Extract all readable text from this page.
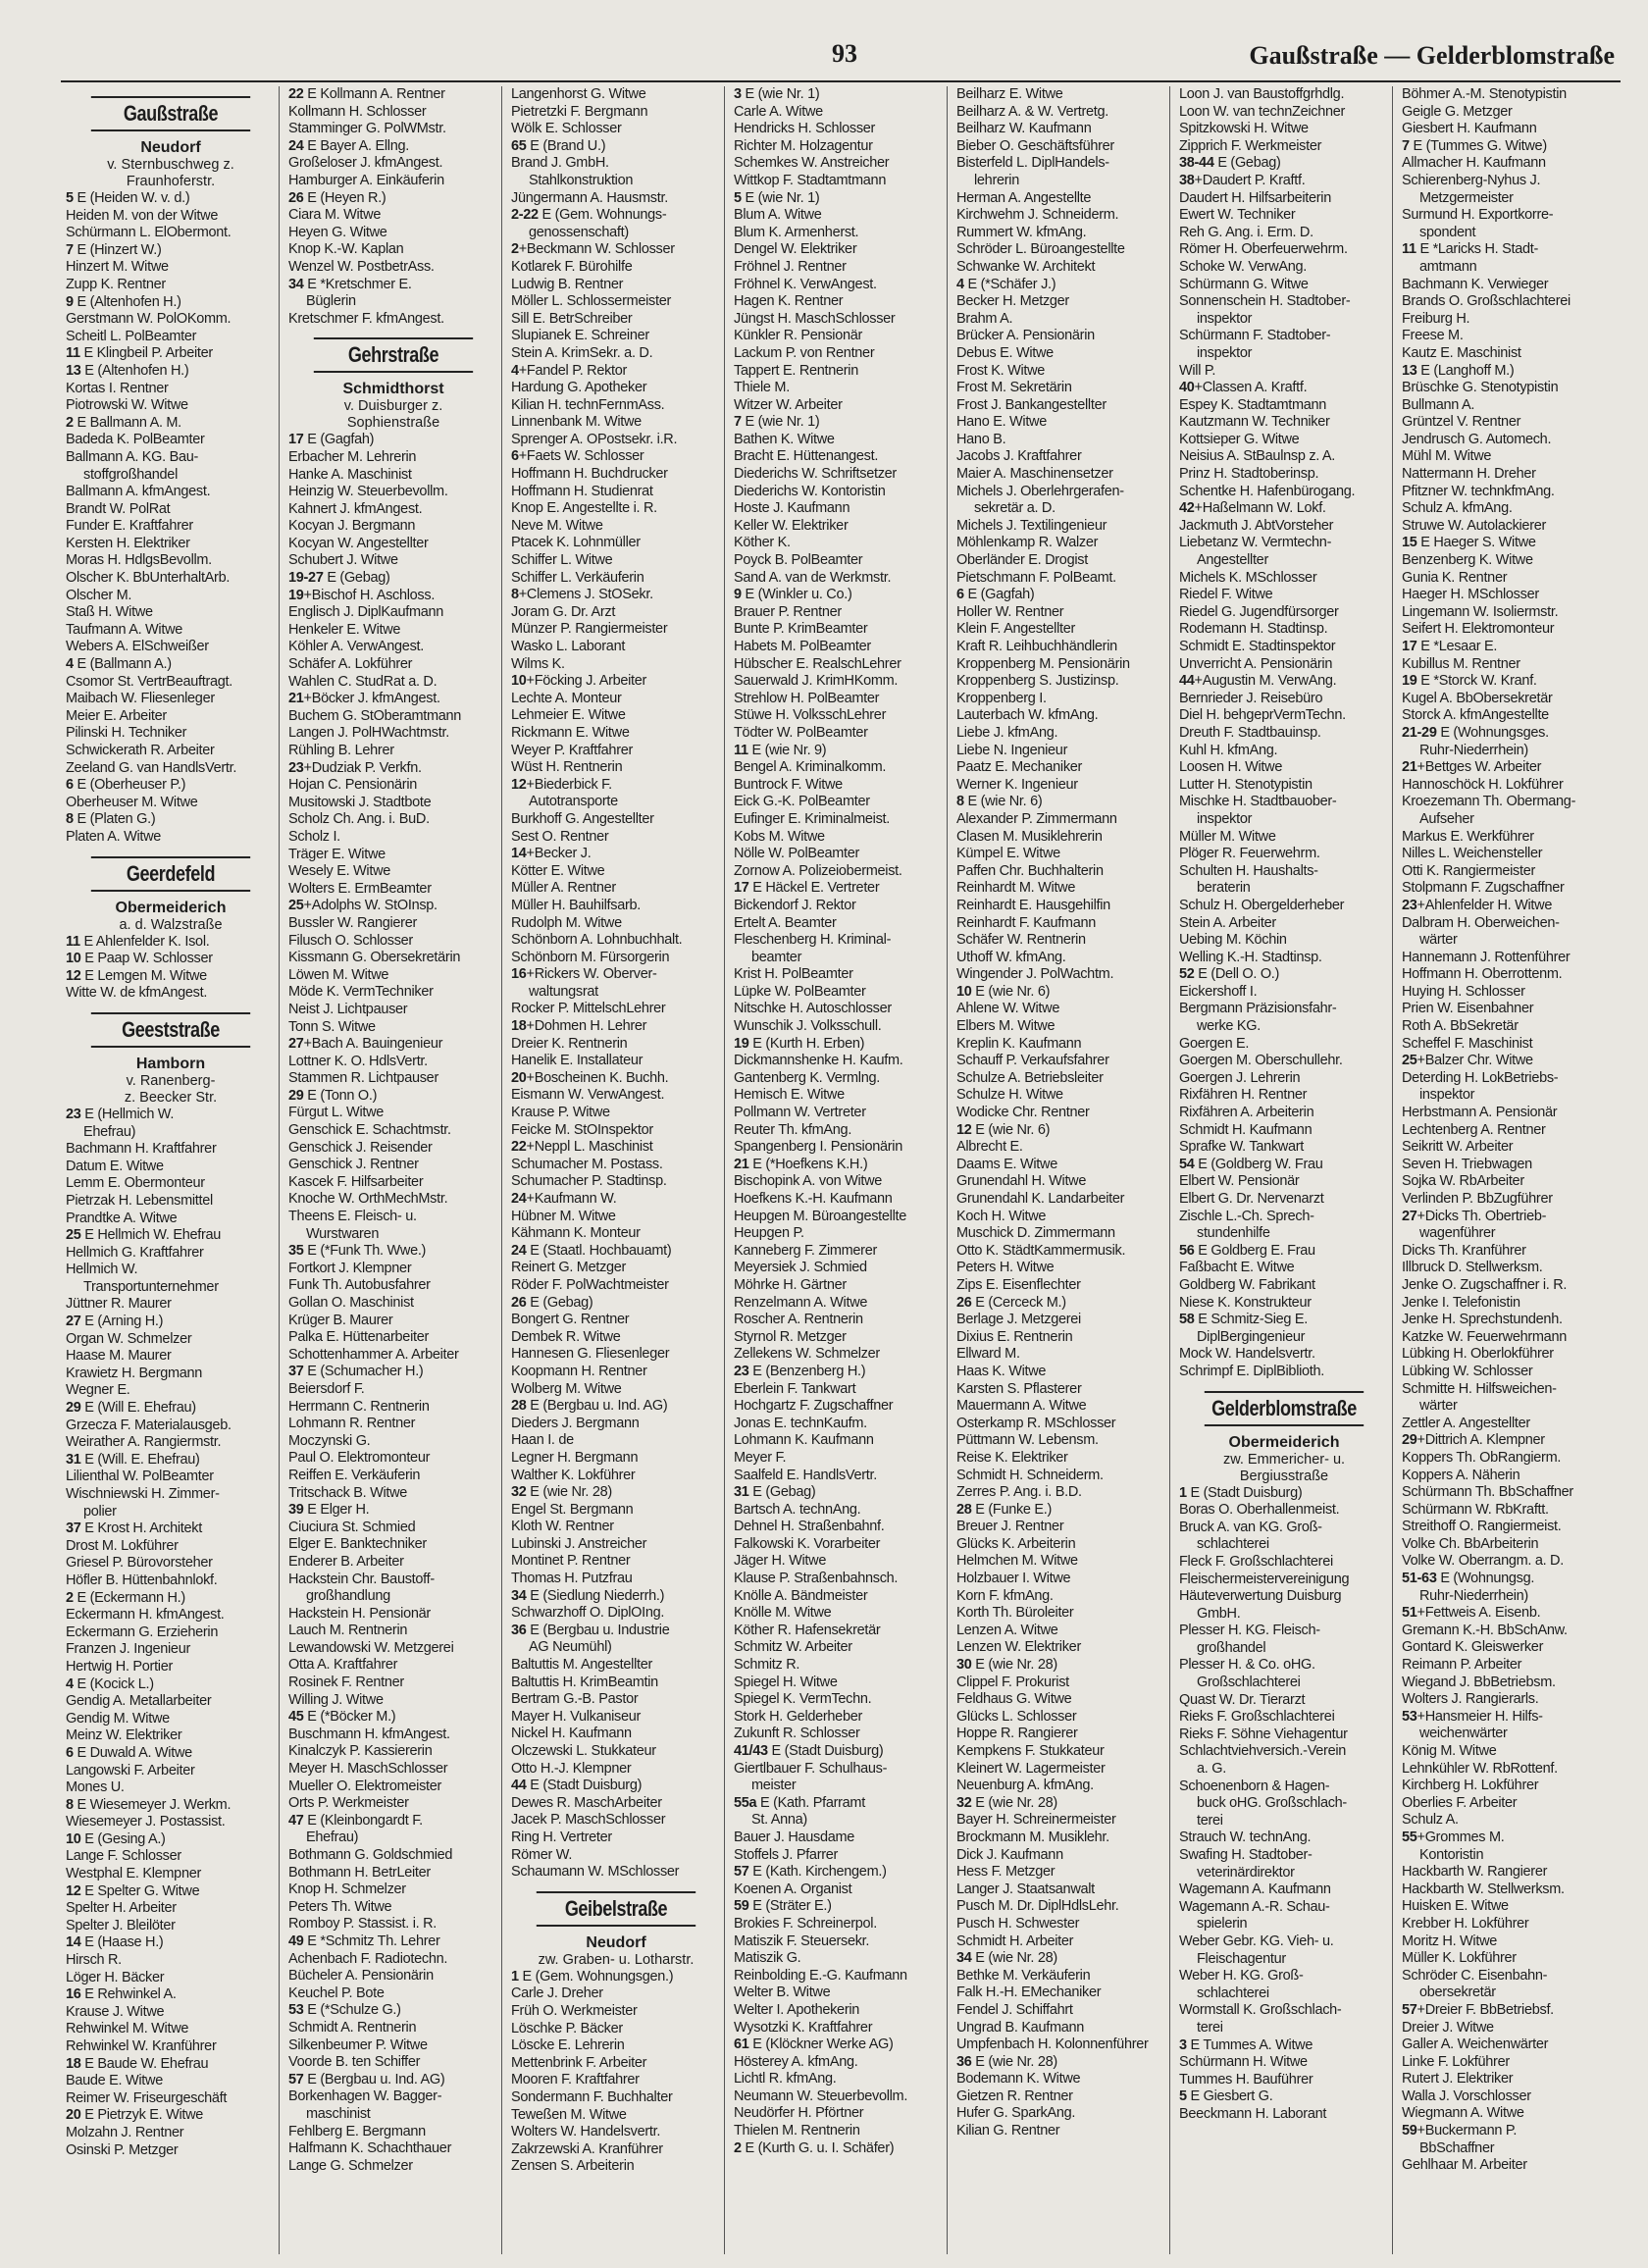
93	Gaußstraße — Gelderblomstraße
Gaußstraße
Neudorf
v. Sternbuschweg z.
Fraunhoferstr.
5 E (Heiden W. v. d.)
Heiden M. von der Witwe
Schürmann L. ElObermont.
7 E (Hinzert W.)
Hinzert M. Witwe
Zupp K. Rentner
9 E (Altenhofen H.)
Gerstmann W. PolOKomm.
Scheitl L. PolBeamter
11 E Klingbeil P. Arbeiter
13 E (Altenhofen H.)
Kortas I. Rentner
Piotrowski W. Witwe
2 E Ballmann A. M.
Badeda K. PolBeamter
Ballmann A. KG. Bau-
stoffgroßhandel
Ballmann A. kfmAngest.
Brandt W. PolRat
Funder E. Kraftfahrer
Kersten H. Elektriker
Moras H. HdlgsBevollm.
Olscher K. BbUnterhaltArb.
Olscher M.
Staß H. Witwe
Taufmann A. Witwe
Webers A. ElSchweißer
4 E (Ballmann A.)
Csomor St. VertrBeauftragt.
Maibach W. Fliesenleger
Meier E. Arbeiter
Pilinski H. Techniker
Schwickerath R. Arbeiter
Zeeland G. van HandlsVertr.
6 E (Oberheuser P.)
Oberheuser M. Witwe
8 E (Platen G.)
Platen A. Witwe
Geerdefeld
Obermeiderich
a. d. Walzstraße
11 E Ahlenfelder K. Isol.
10 E Paap W. Schlosser
12 E Lemgen M. Witwe
Witte W. de kfmAngest.
Geeststraße
Hamborn
v. Ranenberg-
z. Beecker Str.
23 E (Hellmich W.
Ehefrau)
Bachmann H. Kraftfahrer
Datum E. Witwe
Lemm E. Obermonteur
Pietrzak H. Lebensmittel
Prandtke A. Witwe
25 E Hellmich W. Ehefrau
Hellmich G. Kraftfahrer
Hellmich W.
Transportunternehmer
Jüttner R. Maurer
27 E (Arning H.)
Organ W. Schmelzer
Haase M. Maurer
Krawietz H. Bergmann
Wegner E.
29 E (Will E. Ehefrau)
Grzecza F. Materialausgeb.
Weirather A. Rangiermstr.
31 E (Will. E. Ehefrau)
Lilienthal W. PolBeamter
Wischniewski H. Zimmer-
polier
37 E Krost H. Architekt
Drost M. Lokführer
Griesel P. Bürovorsteher
Höfler B. Hüttenbahnlokf.
2 E (Eckermann H.)
Eckermann H. kfmAngest.
Eckermann G. Erzieherin
Franzen J. Ingenieur
Hertwig H. Portier
4 E (Kocick L.)
Gendig A. Metallarbeiter
Gendig M. Witwe
Meinz W. Elektriker
6 E Duwald A. Witwe
Langowski F. Arbeiter
Mones U.
8 E Wiesemeyer J. Werkm.
Wiesemeyer J. Postassist.
10 E (Gesing A.)
Lange F. Schlosser
Westphal E. Klempner
12 E Spelter G. Witwe
Spelter H. Arbeiter
Spelter J. Bleilöter
14 E (Haase H.)
Hirsch R.
Löger H. Bäcker
16 E Rehwinkel A.
Krause J. Witwe
Rehwinkel M. Witwe
Rehwinkel W. Kranführer
18 E Baude W. Ehefrau
Baude E. Witwe
Reimer W. Friseurgeschäft
20 E Pietrzyk E. Witwe
Molzahn J. Rentner
Osinski P. Metzger
22 E Kollmann A. Rentner
Kollmann H. Schlosser
Stamminger G. PolWMstr.
24 E Bayer A. Ellng.
Großeloser J. kfmAngest.
Hamburger A. Einkäuferin
26 E (Heyen R.)
Ciara M. Witwe
Heyen G. Witwe
Knop K.-W. Kaplan
Wenzel W. PostbetrAss.
34 E *Kretschmer E.
Büglerin
Kretschmer F. kfmAngest.
Gehrstraße
Schmidthorst
v. Duisburger z.
Sophienstraße
17 E (Gagfah)
Erbacher M. Lehrerin
Hanke A. Maschinist
Heinzig W. Steuerbevollm.
Kahnert J. kfmAngest.
Kocyan J. Bergmann
Kocyan W. Angestellter
Schubert J. Witwe
19-27 E (Gebag)
19+Bischof H. Aschloss.
Englisch J. DiplKaufmann
Henkeler E. Witwe
Köhler A. VerwAngest.
Schäfer A. Lokführer
Wahlen C. StudRat a. D.
21+Böcker J. kfmAngest.
Buchem G. StOberamtmann
Langen J. PolHWachtmstr.
Rühling B. Lehrer
23+Dudziak P. Verkfn.
Hojan C. Pensionärin
Musitowski J. Stadtbote
Scholz Ch. Ang. i. BuD.
Scholz I.
Träger E. Witwe
Wesely E. Witwe
Wolters E. ErmBeamter
25+Adolphs W. StOInsp.
Bussler W. Rangierer
Filusch O. Schlosser
Kissmann G. Obersekretärin
Löwen M. Witwe
Möde K. VermTechniker
Neist J. Lichtpauser
Tonn S. Witwe
27+Bach A. Bauingenieur
Lottner K. O. HdlsVertr.
Stammen R. Lichtpauser
29 E (Tonn O.)
Fürgut L. Witwe
Genschick E. Schachtmstr.
Genschick J. Reisender
Genschick J. Rentner
Kascek F. Hilfsarbeiter
Knoche W. OrthMechMstr.
Theens E. Fleisch- u.
Wurstwaren
35 E (*Funk Th. Wwe.)
Fortkort J. Klempner
Funk Th. Autobusfahrer
Gollan O. Maschinist
Krüger B. Maurer
Palka E. Hüttenarbeiter
Schottenhammer A. Arbeiter
37 E (Schumacher H.)
Beiersdorf F.
Herrmann C. Rentnerin
Lohmann R. Rentner
Moczynski G.
Paul O. Elektromonteur
Reiffen E. Verkäuferin
Tritschack B. Witwe
39 E Elger H.
Ciuciura St. Schmied
Elger E. Banktechniker
Enderer B. Arbeiter
Hackstein Chr. Baustoff-
großhandlung
Hackstein H. Pensionär
Lauch M. Rentnerin
Lewandowski W. Metzgerei
Otta A. Kraftfahrer
Rosinek F. Rentner
Willing J. Witwe
45 E (*Böcker M.)
Buschmann H. kfmAngest.
Kinalczyk P. Kassiererin
Meyer H. MaschSchlosser
Mueller O. Elektromeister
Orts P. Werkmeister
47 E (Kleinbongardt F.
Ehefrau)
Bothmann G. Goldschmied
Bothmann H. BetrLeiter
Knop H. Schmelzer
Peters Th. Witwe
Romboy P. Stassist. i. R.
49 E *Schmitz Th. Lehrer
Achenbach F. Radiotechn.
Bücheler A. Pensionärin
Keuchel P. Bote
53 E (*Schulze G.)
Schmidt A. Rentnerin
Silkenbeumer P. Witwe
Voorde B. ten Schiffer
57 E (Bergbau u. Ind. AG)
Borkenhagen W. Bagger-
maschinist
Fehlberg E. Bergmann
Halfmann K. Schachthauer
Lange G. Schmelzer
Langenhorst G. Witwe
Pietretzki F. Bergmann
Wölk E. Schlosser
65 E (Brand U.)
Brand J. GmbH.
Stahlkonstruktion
Jüngermann A. Hausmstr.
2-22 E (Gem. Wohnungs-
genossenschaft)
2+Beckmann W. Schlosser
Kotlarek F. Bürohilfe
Ludwig B. Rentner
Möller L. Schlossermeister
Sill E. BetrSchreiber
Slupianek E. Schreiner
Stein A. KrimSekr. a. D.
4+Fandel P. Rektor
Hardung G. Apotheker
Kilian H. technFernmAss.
Linnenbank M. Witwe
Sprenger A. OPostsekr. i.R.
6+Faets W. Schlosser
Hoffmann H. Buchdrucker
Hoffmann H. Studienrat
Knop E. Angestellte i. R.
Neve M. Witwe
Ptacek K. Lohnmüller
Schiffer L. Witwe
Schiffer L. Verkäuferin
8+Clemens J. StOSekr.
Joram G. Dr. Arzt
Münzer P. Rangiermeister
Wasko L. Laborant
Wilms K.
10+Föcking J. Arbeiter
Lechte A. Monteur
Lehmeier E. Witwe
Rickmann E. Witwe
Weyer P. Kraftfahrer
Wüst H. Rentnerin
12+Biederbick F.
Autotransporte
Burkhoff G. Angestellter
Sest O. Rentner
14+Becker J.
Kötter E. Witwe
Müller A. Rentner
Müller H. Bauhilfsarb.
Rudolph M. Witwe
Schönborn A. Lohnbuchhalt.
Schönborn M. Fürsorgerin
16+Rickers W. Oberver-
waltungsrat
Rocker P. MittelschLehrer
18+Dohmen H. Lehrer
Dreier K. Rentnerin
Hanelik E. Installateur
20+Boscheinen K. Buchh.
Eismann W. VerwAngest.
Krause P. Witwe
Feicke M. StOInspektor
22+Neppl L. Maschinist
Schumacher M. Postass.
Schumacher P. Stadtinsp.
24+Kaufmann W.
Hübner M. Witwe
Kähmann K. Monteur
24 E (Staatl. Hochbauamt)
Reinert G. Metzger
Röder F. PolWachtmeister
26 E (Gebag)
Bongert G. Rentner
Dembek R. Witwe
Hannesen G. Fliesenleger
Koopmann H. Rentner
Wolberg M. Witwe
28 E (Bergbau u. Ind. AG)
Dieders J. Bergmann
Haan I. de
Legner H. Bergmann
Walther K. Lokführer
32 E (wie Nr. 28)
Engel St. Bergmann
Kloth W. Rentner
Lubinski J. Anstreicher
Montinet P. Rentner
Thomas H. Putzfrau
34 E (Siedlung Niederrh.)
Schwarzhoff O. DiplOIng.
36 E (Bergbau u. Industrie
AG Neumühl)
Baltuttis M. Angestellter
Baltuttis H. KrimBeamtin
Bertram G.-B. Pastor
Mayer H. Vulkaniseur
Nickel H. Kaufmann
Olczewski L. Stukkateur
Otto H.-J. Klempner
44 E (Stadt Duisburg)
Dewes R. MaschArbeiter
Jacek P. MaschSchlosser
Ring H. Vertreter
Römer W.
Schaumann W. MSchlosser
Geibelstraße
Neudorf
zw. Graben- u. Lotharstr.
1 E (Gem. Wohnungsgen.)
Carle J. Dreher
Früh O. Werkmeister
Löschke P. Bäcker
Löscke E. Lehrerin
Mettenbrink F. Arbeiter
Mooren F. Kraftfahrer
Sondermann F. Buchhalter
Teweßen M. Witwe
Wolters W. Handelsvertr.
Zakrzewski A. Kranführer
Zensen S. Arbeiterin
3 E (wie Nr. 1)
Carle A. Witwe
Hendricks H. Schlosser
Richter M. Holzagentur
Schemkes W. Anstreicher
Wittkop F. Stadtamtmann
5 E (wie Nr. 1)
Blum A. Witwe
Blum K. Armenherst.
Dengel W. Elektriker
Fröhnel J. Rentner
Fröhnel K. VerwAngest.
Hagen K. Rentner
Jüngst H. MaschSchlosser
Künkler R. Pensionär
Lackum P. von Rentner
Tappert E. Rentnerin
Thiele M.
Witzer W. Arbeiter
7 E (wie Nr. 1)
Bathen K. Witwe
Bracht E. Hüttenangest.
Diederichs W. Schriftsetzer
Diederichs W. Kontoristin
Hoste J. Kaufmann
Keller W. Elektriker
Köther K.
Poyck B. PolBeamter
Sand A. van de Werkmstr.
9 E (Winkler u. Co.)
Brauer P. Rentner
Bunte P. KrimBeamter
Habets M. PolBeamter
Hübscher E. RealschLehrer
Sauerwald J. KrimHKomm.
Strehlow H. PolBeamter
Stüwe H. VolksschLehrer
Tödter W. PolBeamter
11 E (wie Nr. 9)
Bengel A. Kriminalkomm.
Buntrock F. Witwe
Eick G.-K. PolBeamter
Eufinger E. Kriminalmeist.
Kobs M. Witwe
Nölle W. PolBeamter
Zornow A. Polizeiobermeist.
17 E Häckel E. Vertreter
Bickendorf J. Rektor
Ertelt A. Beamter
Fleschenberg H. Kriminal-
beamter
Krist H. PolBeamter
Lüpke W. PolBeamter
Nitschke H. Autoschlosser
Wunschik J. Volksschull.
19 E (Kurth H. Erben)
Dickmannshenke H. Kaufm.
Gantenberg K. Vermlng.
Hemisch E. Witwe
Pollmann W. Vertreter
Reuter Th. kfmAng.
Spangenberg I. Pensionärin
21 E (*Hoefkens K.H.)
Bischopink A. von Witwe
Hoefkens K.-H. Kaufmann
Heupgen M. Büroangestellte
Heupgen P.
Kanneberg F. Zimmerer
Meyersiek J. Schmied
Möhrke H. Gärtner
Renzelmann A. Witwe
Roscher A. Rentnerin
Styrnol R. Metzger
Zellekens W. Schmelzer
23 E (Benzenberg H.)
Eberlein F. Tankwart
Hochgartz F. Zugschaffner
Jonas E. technKaufm.
Lohmann K. Kaufmann
Meyer F.
Saalfeld E. HandlsVertr.
31 E (Gebag)
Bartsch A. technAng.
Dehnel H. Straßenbahnf.
Falkowski K. Vorarbeiter
Jäger H. Witwe
Klause P. Straßenbahnsch.
Knölle A. Bändmeister
Knölle M. Witwe
Köther R. Hafensekretär
Schmitz W. Arbeiter
Schmitz R.
Spiegel H. Witwe
Spiegel K. VermTechn.
Stork H. Gelderheber
Zukunft R. Schlosser
41/43 E (Stadt Duisburg)
Giertlbauer F. Schulhaus-
meister
55a E (Kath. Pfarramt
St. Anna)
Bauer J. Hausdame
Stoffels J. Pfarrer
57 E (Kath. Kirchengem.)
Koenen A. Organist
59 E (Sträter E.)
Brokies F. Schreinerpol.
Matiszik F. Steuersekr.
Matiszik G.
Reinbolding E.-G. Kaufmann
Welter B. Witwe
Welter I. Apothekerin
Wysotzki K. Kraftfahrer
61 E (Klöckner Werke AG)
Hösterey A. kfmAng.
Lichtl R. kfmAng.
Neumann W. Steuerbevollm.
Neudörfer H. Pförtner
Thielen M. Rentnerin
2 E (Kurth G. u. I. Schäfer)
Beilharz E. Witwe
Beilharz A. & W. Vertretg.
Beilharz W. Kaufmann
Bieber O. Geschäftsführer
Bisterfeld L. DiplHandels-
lehrerin
Herman A. Angestellte
Kirchwehm J. Schneiderm.
Rummert W. kfmAng.
Schröder L. Büroangestellte
Schwanke W. Architekt
4 E (*Schäfer J.)
Becker H. Metzger
Brahm A.
Brücker A. Pensionärin
Debus E. Witwe
Frost K. Witwe
Frost M. Sekretärin
Frost J. Bankangestellter
Hano E. Witwe
Hano B.
Jacobs J. Kraftfahrer
Maier A. Maschinensetzer
Michels J. Oberlehrgerafen-
sekretär a. D.
Michels J. Textilingenieur
Möhlenkamp R. Walzer
Oberländer E. Drogist
Pietschmann F. PolBeamt.
6 E (Gagfah)
Holler W. Rentner
Klein F. Angestellter
Kraft R. Leihbuchhändlerin
Kroppenberg M. Pensionärin
Kroppenberg S. Justizinsp.
Kroppenberg I.
Lauterbach W. kfmAng.
Liebe J. kfmAng.
Liebe N. Ingenieur
Paatz E. Mechaniker
Werner K. Ingenieur
8 E (wie Nr. 6)
Alexander P. Zimmermann
Clasen M. Musiklehrerin
Kümpel E. Witwe
Paffen Chr. Buchhalterin
Reinhardt M. Witwe
Reinhardt E. Hausgehilfin
Reinhardt F. Kaufmann
Schäfer W. Rentnerin
Uthoff W. kfmAng.
Wingender J. PolWachtm.
10 E (wie Nr. 6)
Ahlene W. Witwe
Elbers M. Witwe
Kreplin K. Kaufmann
Schauff P. Verkaufsfahrer
Schulze A. Betriebsleiter
Schulze H. Witwe
Wodicke Chr. Rentner
12 E (wie Nr. 6)
Albrecht E.
Daams E. Witwe
Grunendahl H. Witwe
Grunendahl K. Landarbeiter
Koch H. Witwe
Muschick D. Zimmermann
Otto K. StädtKammermusik.
Peters H. Witwe
Zips E. Eisenflechter
26 E (Cerceck M.)
Berlage J. Metzgerei
Dixius E. Rentnerin
Ellward M.
Haas K. Witwe
Karsten S. Pflasterer
Mauermann A. Witwe
Osterkamp R. MSchlosser
Püttmann W. Lebensm.
Reise K. Elektriker
Schmidt H. Schneiderm.
Zerres P. Ang. i. B.D.
28 E (Funke E.)
Breuer J. Rentner
Glücks K. Arbeiterin
Helmchen M. Witwe
Holzbauer I. Witwe
Korn F. kfmAng.
Korth Th. Büroleiter
Lenzen A. Witwe
Lenzen W. Elektriker
30 E (wie Nr. 28)
Clippel F. Prokurist
Feldhaus G. Witwe
Glücks L. Schlosser
Hoppe R. Rangierer
Kempkens F. Stukkateur
Kleinert W. Lagermeister
Neuenburg A. kfmAng.
32 E (wie Nr. 28)
Bayer H. Schreinermeister
Brockmann M. Musiklehr.
Dick J. Kaufmann
Hess F. Metzger
Langer J. Staatsanwalt
Pusch M. Dr. DiplHdlsLehr.
Pusch H. Schwester
Schmidt H. Arbeiter
34 E (wie Nr. 28)
Bethke M. Verkäuferin
Falk H.-H. EMechaniker
Fendel J. Schiffahrt
Ungrad B. Kaufmann
Umpfenbach H. Kolonnenführer
36 E (wie Nr. 28)
Bodemann K. Witwe
Gietzen R. Rentner
Hufer G. SparkAng.
Kilian G. Rentner
Loon J. van Baustoffgrhdlg.
Loon W. van technZeichner
Spitzkowski H. Witwe
Zipprich F. Werkmeister
38-44 E (Gebag)
38+Daudert P. Kraftf.
Daudert H. Hilfsarbeiterin
Ewert W. Techniker
Reh G. Ang. i. Erm. D.
Römer H. Oberfeuerwehrm.
Schoke W. VerwAng.
Schürmann G. Witwe
Sonnenschein H. Stadtober-
inspektor
Schürmann F. Stadtober-
inspektor
Will P.
40+Classen A. Kraftf.
Espey K. Stadtamtmann
Kautzmann W. Techniker
Kottsieper G. Witwe
Neisius A. StBaulnsp z. A.
Prinz H. Stadtoberinsp.
Schentke H. Hafenbürogang.
42+Haßelmann W. Lokf.
Jackmuth J. AbtVorsteher
Liebetanz W. Vermtechn-
Angestellter
Michels K. MSchlosser
Riedel F. Witwe
Riedel G. Jugendfürsorger
Rodemann H. Stadtinsp.
Schmidt E. Stadtinspektor
Unverricht A. Pensionärin
44+Augustin M. VerwAng.
Bernrieder J. Reisebüro
Diel H. behgeprVermTechn.
Dreuth F. Stadtbauinsp.
Kuhl H. kfmAng.
Loosen H. Witwe
Lutter H. Stenotypistin
Mischke H. Stadtbauober-
inspektor
Müller M. Witwe
Plöger R. Feuerwehrm.
Schulten H. Haushalts-
beraterin
Schulz H. Obergelderheber
Stein A. Arbeiter
Uebing M. Köchin
Welling K.-H. Stadtinsp.
52 E (Dell O. O.)
Eickershoff I.
Bergmann Präzisionsfahr-
werke KG.
Goergen E.
Goergen M. Oberschullehr.
Goergen J. Lehrerin
Rixfähren H. Rentner
Rixfähren A. Arbeiterin
Schmidt H. Kaufmann
Sprafke W. Tankwart
54 E (Goldberg W. Frau
Elbert W. Pensionär
Elbert G. Dr. Nervenarzt
Zischle L.-Ch. Sprech-
stundenhilfe
56 E Goldberg E. Frau
Faßbacht E. Witwe
Goldberg W. Fabrikant
Niese K. Konstrukteur
58 E Schmitz-Sieg E.
DiplBergingenieur
Mock W. Handelsvertr.
Schrimpf E. DiplBiblioth.
Gelderblomstraße
Obermeiderich
zw. Emmericher- u.
Bergiusstraße
1 E (Stadt Duisburg)
Boras O. Oberhallenmeist.
Bruck A. van KG. Groß-
schlachterei
Fleck F. Großschlachterei
Fleischermeistervereinigung
Häuteverwertung Duisburg
GmbH.
Plesser H. KG. Fleisch-
großhandel
Plesser H. & Co. oHG.
Großschlachterei
Quast W. Dr. Tierarzt
Rieks F. Großschlachterei
Rieks F. Söhne Viehagentur
Schlachtviehversich.-Verein
a. G.
Schoenenborn & Hagen-
buck oHG. Großschlach-
terei
Strauch W. technAng.
Swafing H. Stadtober-
veterinärdirektor
Wagemann A. Kaufmann
Wagemann A.-R. Schau-
spielerin
Weber Gebr. KG. Vieh- u.
Fleischagentur
Weber H. KG. Groß-
schlachterei
Wormstall K. Großschlach-
terei
3 E Tummes A. Witwe
Schürmann H. Witwe
Tummes H. Bauführer
5 E Giesbert G.
Beeckmann H. Laborant
Böhmer A.-M. Stenotypistin
Geigle G. Metzger
Giesbert H. Kaufmann
7 E (Tummes G. Witwe)
Allmacher H. Kaufmann
Schierenberg-Nyhus J.
Metzgermeister
Surmund H. Exportkorre-
spondent
11 E *Laricks H. Stadt-
amtmann
Bachmann K. Verwieger
Brands O. Großschlachterei
Freiburg H.
Freese M.
Kautz E. Maschinist
13 E (Langhoff M.)
Brüschke G. Stenotypistin
Bullmann A.
Grüntzel V. Rentner
Jendrusch G. Automech.
Mühl M. Witwe
Nattermann H. Dreher
Pfitzner W. technkfmAng.
Schulz A. kfmAng.
Struwe W. Autolackierer
15 E Haeger S. Witwe
Benzenberg K. Witwe
Gunia K. Rentner
Haeger H. MSchlosser
Lingemann W. Isoliermstr.
Seifert H. Elektromonteur
17 E *Lesaar E.
Kubillus M. Rentner
19 E *Storck W. Kranf.
Kugel A. BbObersekretär
Storck A. kfmAngestellte
21-29 E (Wohnungsges.
Ruhr-Niederrhein)
21+Bettges W. Arbeiter
Hannoschöck H. Lokführer
Kroezemann Th. Obermang-
Aufseher
Markus E. Werkführer
Nilles L. Weichensteller
Otti K. Rangiermeister
Stolpmann F. Zugschaffner
23+Ahlenfelder H. Witwe
Dalbram H. Oberweichen-
wärter
Hannemann J. Rottenführer
Hoffmann H. Oberrottenm.
Huying H. Schlosser
Prien W. Eisenbahner
Roth A. BbSekretär
Scheffel F. Maschinist
25+Balzer Chr. Witwe
Deterding H. LokBetriebs-
inspektor
Herbstmann A. Pensionär
Lechtenberg A. Rentner
Seikritt W. Arbeiter
Seven H. Triebwagen
Sojka W. RbArbeiter
Verlinden P. BbZugführer
27+Dicks Th. Obertrieb-
wagenführer
Dicks Th. Kranführer
Illbruck D. Stellwerksm.
Jenke O. Zugschaffner i. R.
Jenke I. Telefonistin
Jenke H. Sprechstundenh.
Katzke W. Feuerwehrmann
Lübking H. Oberlokführer
Lübking W. Schlosser
Schmitte H. Hilfsweichen-
wärter
Zettler A. Angestellter
29+Dittrich A. Klempner
Koppers Th. ObRangierm.
Koppers A. Näherin
Schürmann Th. BbSchaffner
Schürmann W. RbKraftt.
Streithoff O. Rangiermeist.
Volke Ch. BbArbeiterin
Volke W. Oberrangm. a. D.
51-63 E (Wohnungsg.
Ruhr-Niederrhein)
51+Fettweis A. Eisenb.
Gremann K.-H. BbSchAnw.
Gontard K. Gleiswerker
Reimann P. Arbeiter
Wiegand J. BbBetriebsm.
Wolters J. Rangierarls.
53+Hansmeier H. Hilfs-
weichenwärter
König M. Witwe
Lehnkühler W. RbRottenf.
Kirchberg H. Lokführer
Oberlies F. Arbeiter
Schulz A.
55+Grommes M.
Kontoristin
Hackbarth W. Rangierer
Hackbarth W. Stellwerksm.
Huisken E. Witwe
Krebber H. Lokführer
Moritz H. Witwe
Müller K. Lokführer
Schröder C. Eisenbahn-
obersekretär
57+Dreier F. BbBetriebsf.
Dreier J. Witwe
Galler A. Weichenwärter
Linke F. Lokführer
Rutert J. Elektriker
Walla J. Vorschlosser
Wiegmann A. Witwe
59+Buckermann P.
BbSchaffner
Gehlhaar M. Arbeiter
